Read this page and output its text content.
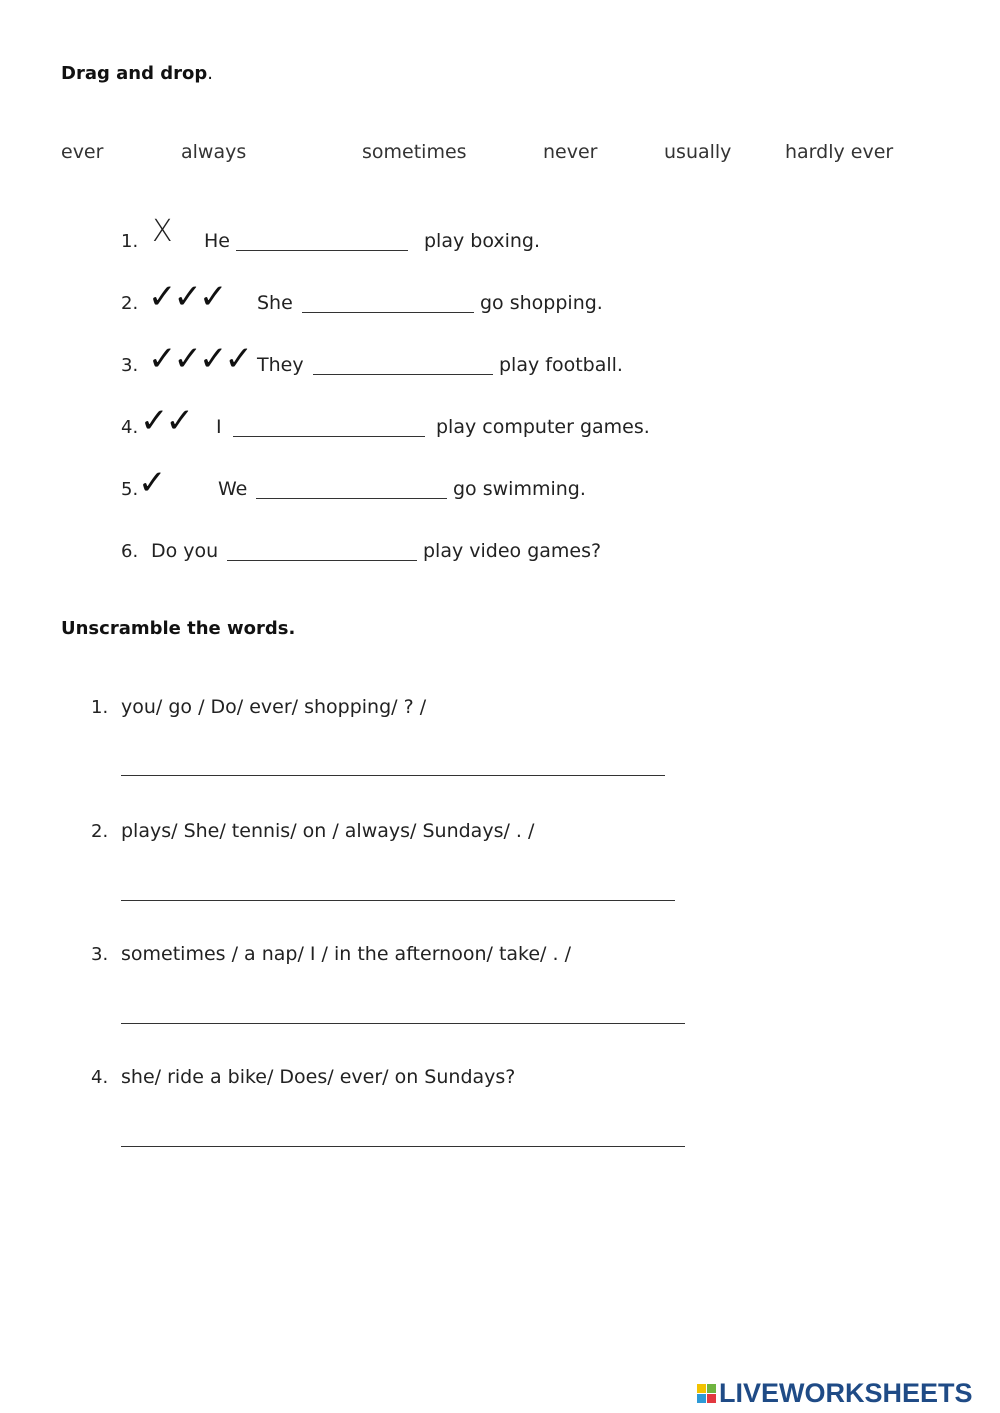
Drag and drop.
ever	always	sometimes	never	usually	hardly ever
1. X He	play boxing.
2. ✓✓✓ She	go shopping.
3. ✓✓✓✓ They	play football.
4. ✓✓ I	play computer games.
5. ✓	We	go swimming.
6. Do you	play video games?
Unscramble the words.
1. you/ go / Do/ ever/ shopping/ ? /
2. plays/ She/ tennis/ on / always/ Sundays/ . /
3. sometimes / a nap/ I / in the afternoon/ take/ . /
4. she/ ride a bike/ Does/ ever/ on Sundays?
LIVEWORKSHEETS
